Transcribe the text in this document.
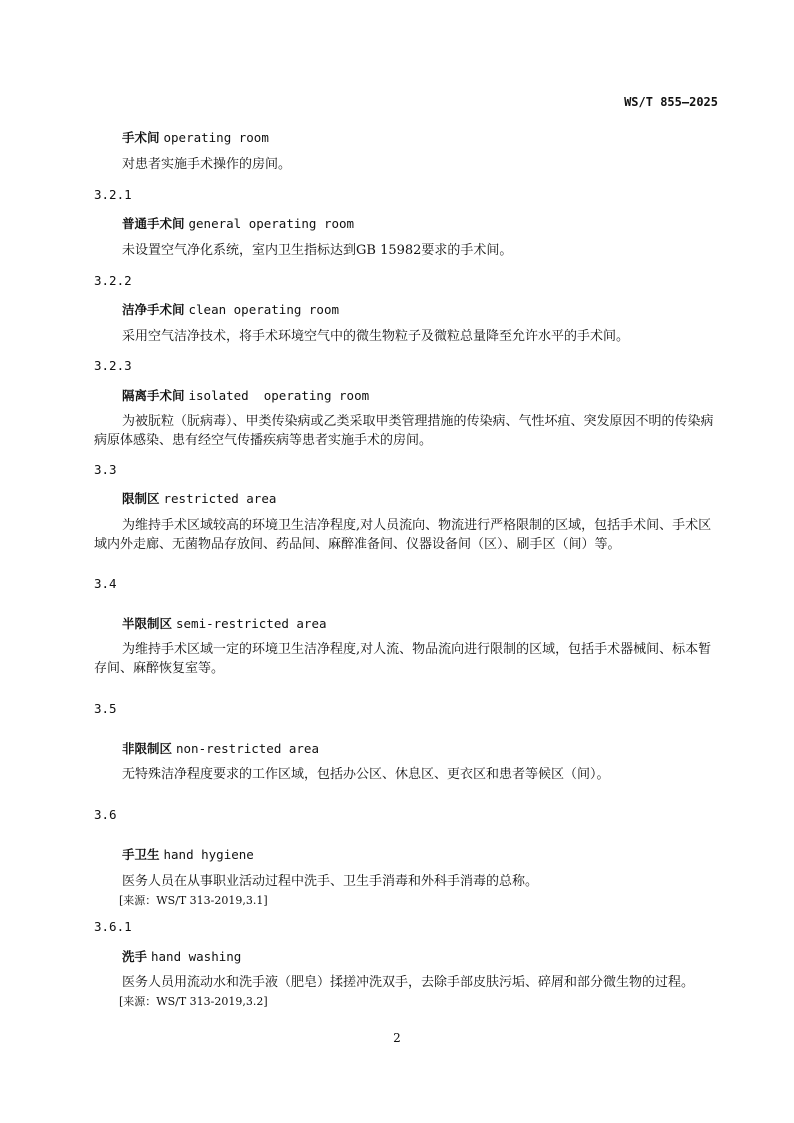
WS/T 855—2025
手术间 operating room

对患者实施手术操作的房间。

3.2.1
普通手术间 general operating room

未设置空气净化系统，室内卫生指标达到GB 15982要求的手术间。

3.2.2
洁净手术间 clean operating room

采用空气洁净技术，将手术环境空气中的微生物粒子及微粒总量降至允许水平的手术间。

3.2.3
隔离手术间 isolated  operating room

为被朊粒（朊病毒）、甲类传染病或乙类采取甲类管理措施的传染病、气性坏疽、突发原因不明的传染病病原体感染、患有经空气传播疾病等患者实施手术的房间。

3.3
限制区 restricted area

为维持手术区域较高的环境卫生洁净程度,对人员流向、物流进行严格限制的区域，包括手术间、手术区域内外走廊、无菌物品存放间、药品间、麻醉准备间、仪器设备间（区）、刷手区（间）等。

3.4
半限制区 semi-restricted area

为维持手术区域一定的环境卫生洁净程度,对人流、物品流向进行限制的区域，包括手术器械间、标本暂存间、麻醉恢复室等。

3.5
非限制区 non-restricted area

无特殊洁净程度要求的工作区域，包括办公区、休息区、更衣区和患者等候区（间）。

3.6
手卫生 hand hygiene

医务人员在从事职业活动过程中洗手、卫生手消毒和外科手消毒的总称。

[来源：WS/T 313-2019,3.1]
3.6.1
洗手 hand washing

医务人员用流动水和洗手液（肥皂）揉搓冲洗双手，去除手部皮肤污垢、碎屑和部分微生物的过程。

[来源：WS/T 313-2019,3.2]
2
